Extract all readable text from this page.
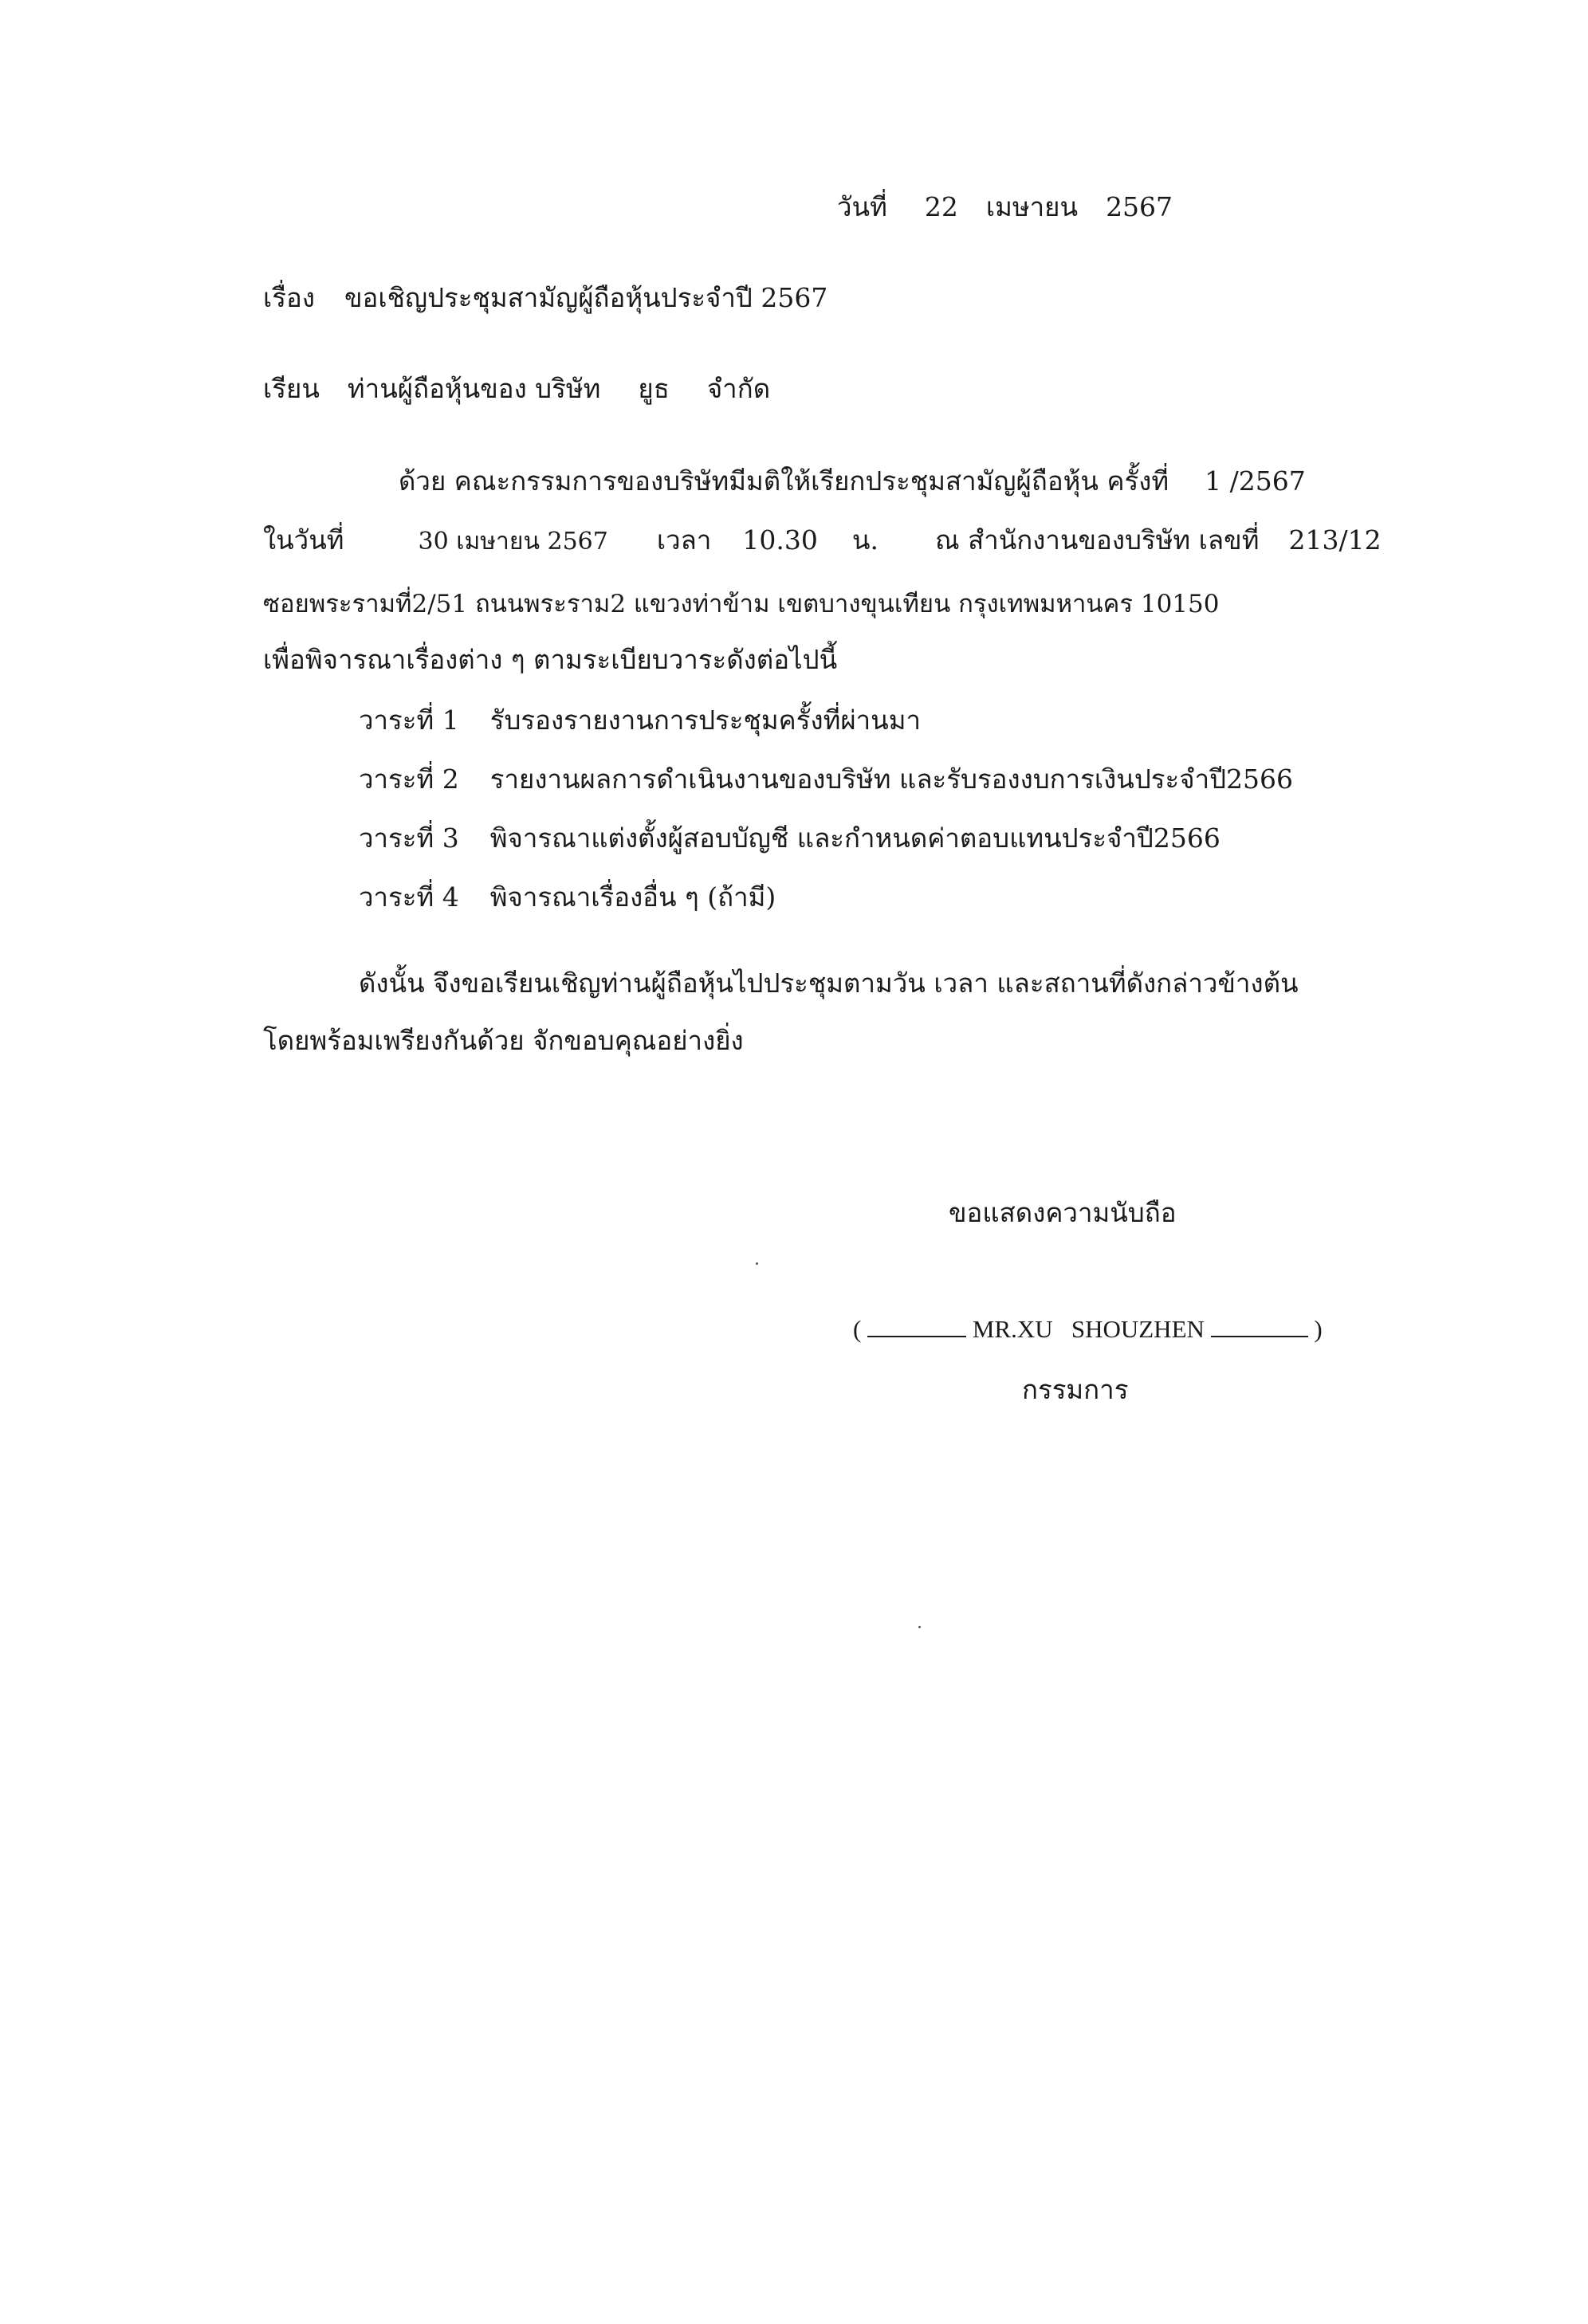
วันที่ 22 เมษายน 2567
เรื่อง ขอเชิญประชุมสามัญผู้ถือหุ้นประจำปี 2567
เรียน ท่านผู้ถือหุ้นของ บริษัท ยูธ จำกัด
ด้วย คณะกรรมการของบริษัทมีมติให้เรียกประชุมสามัญผู้ถือหุ้น ครั้งที่ 1 /2567
ในวันที่	30 เมษายน 2567 เวลา 10.30 น. ณ สำนักงานของบริษัท เลขที่ 213/12
ซอยพระรามที่2/51 ถนนพระราม2 แขวงท่าข้าม เขตบางขุนเทียน กรุงเทพมหานคร 10150
เพื่อพิจารณาเรื่องต่าง ๆ ตามระเบียบวาระดังต่อไปนี้
วาระที่ 1 รับรองรายงานการประชุมครั้งที่ผ่านมา
วาระที่ 2 รายงานผลการดำเนินงานของบริษัท และรับรองงบการเงินประจำปี2566
วาระที่ 3 พิจารณาแต่งตั้งผู้สอบบัญชี และกำหนดค่าตอบแทนประจำปี2566
วาระที่ 4 พิจารณาเรื่องอื่น ๆ (ถ้ามี)
ดังนั้น จึงขอเรียนเชิญท่านผู้ถือหุ้นไปประชุมตามวัน เวลา และสถานที่ดังกล่าวข้างต้น
โดยพร้อมเพรียงกันด้วย จักขอบคุณอย่างยิ่ง
ขอแสดงความนับถือ
(	MR.XU   SHOUZHEN	)
กรรมการ
